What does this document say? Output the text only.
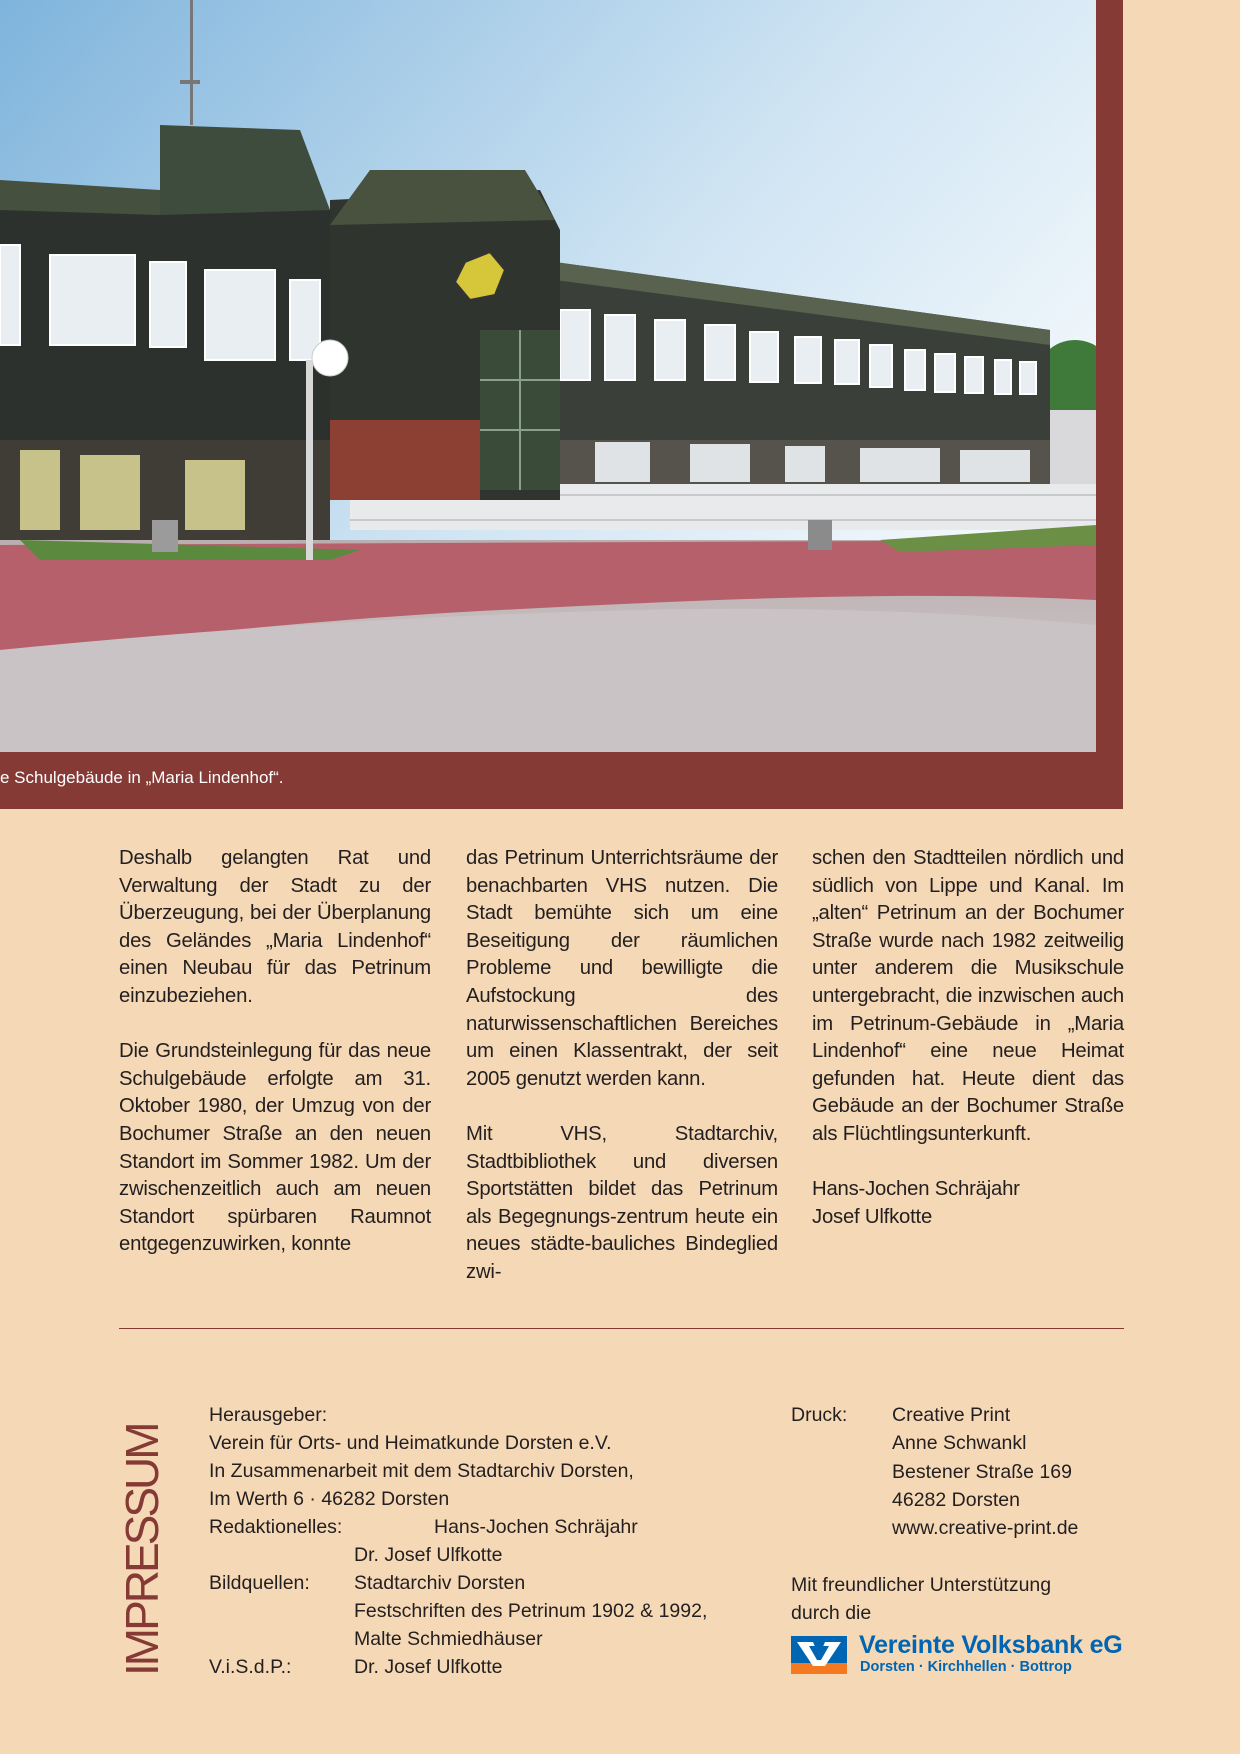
e Schulgebäude in „Maria Lindenhof“.

Deshalb gelangten Rat und Verwaltung der Stadt zu der Überzeugung, bei der Überplanung des Geländes „Maria Lindenhof“ einen Neubau für das Petrinum einzubeziehen.

Die Grundsteinlegung für das neue Schulgebäude erfolgte am 31. Oktober 1980, der Umzug von der Bochumer Straße an den neuen Standort im Sommer 1982. Um der zwischenzeitlich auch am neuen Standort spürbaren Raumnot entgegenzuwirken, konnte

das Petrinum Unterrichtsräume der benachbarten VHS nutzen. Die Stadt bemühte sich um eine Beseitigung der räumlichen Probleme und bewilligte die Aufstockung des naturwissenschaftlichen Bereiches um einen Klassentrakt, der seit 2005 genutzt werden kann.

Mit VHS, Stadtarchiv, Stadtbibliothek und diversen Sportstätten bildet das Petrinum als Begegnungs-zentrum heute ein neues städte-bauliches Bindeglied zwi-

schen den Stadtteilen nördlich und südlich von Lippe und Kanal. Im „alten“ Petrinum an der Bochumer Straße wurde nach 1982 zeitweilig unter anderem die Musikschule untergebracht, die inzwischen auch im Petrinum-Gebäude in „Maria Lindenhof“ eine neue Heimat gefunden hat. Heute dient das Gebäude an der Bochumer Straße als Flüchtlingsunterkunft.

Hans-Jochen Schräjahr

Josef Ulfkotte

IMPRESSUM
Herausgeber:
Verein für Orts- und Heimatkunde Dorsten e.V.
In Zusammenarbeit mit dem Stadtarchiv Dorsten,
Im Werth 6 · 46282 Dorsten
Redaktionelles:	Hans-Jochen Schräjahr
Dr. Josef Ulfkotte
Bildquellen: Stadtarchiv Dorsten
Festschriften des Petrinum 1902 & 1992,
Malte Schmiedhäuser
V.i.S.d.P.:	Dr. Josef Ulfkotte
Druck: Creative Print
Anne Schwankl
Bestener Straße 169
46282 Dorsten
www.creative-print.de
Mit freundlicher Unterstützung
durch die
Vereinte Volksbank eG
Dorsten · Kirchhellen · Bottrop
